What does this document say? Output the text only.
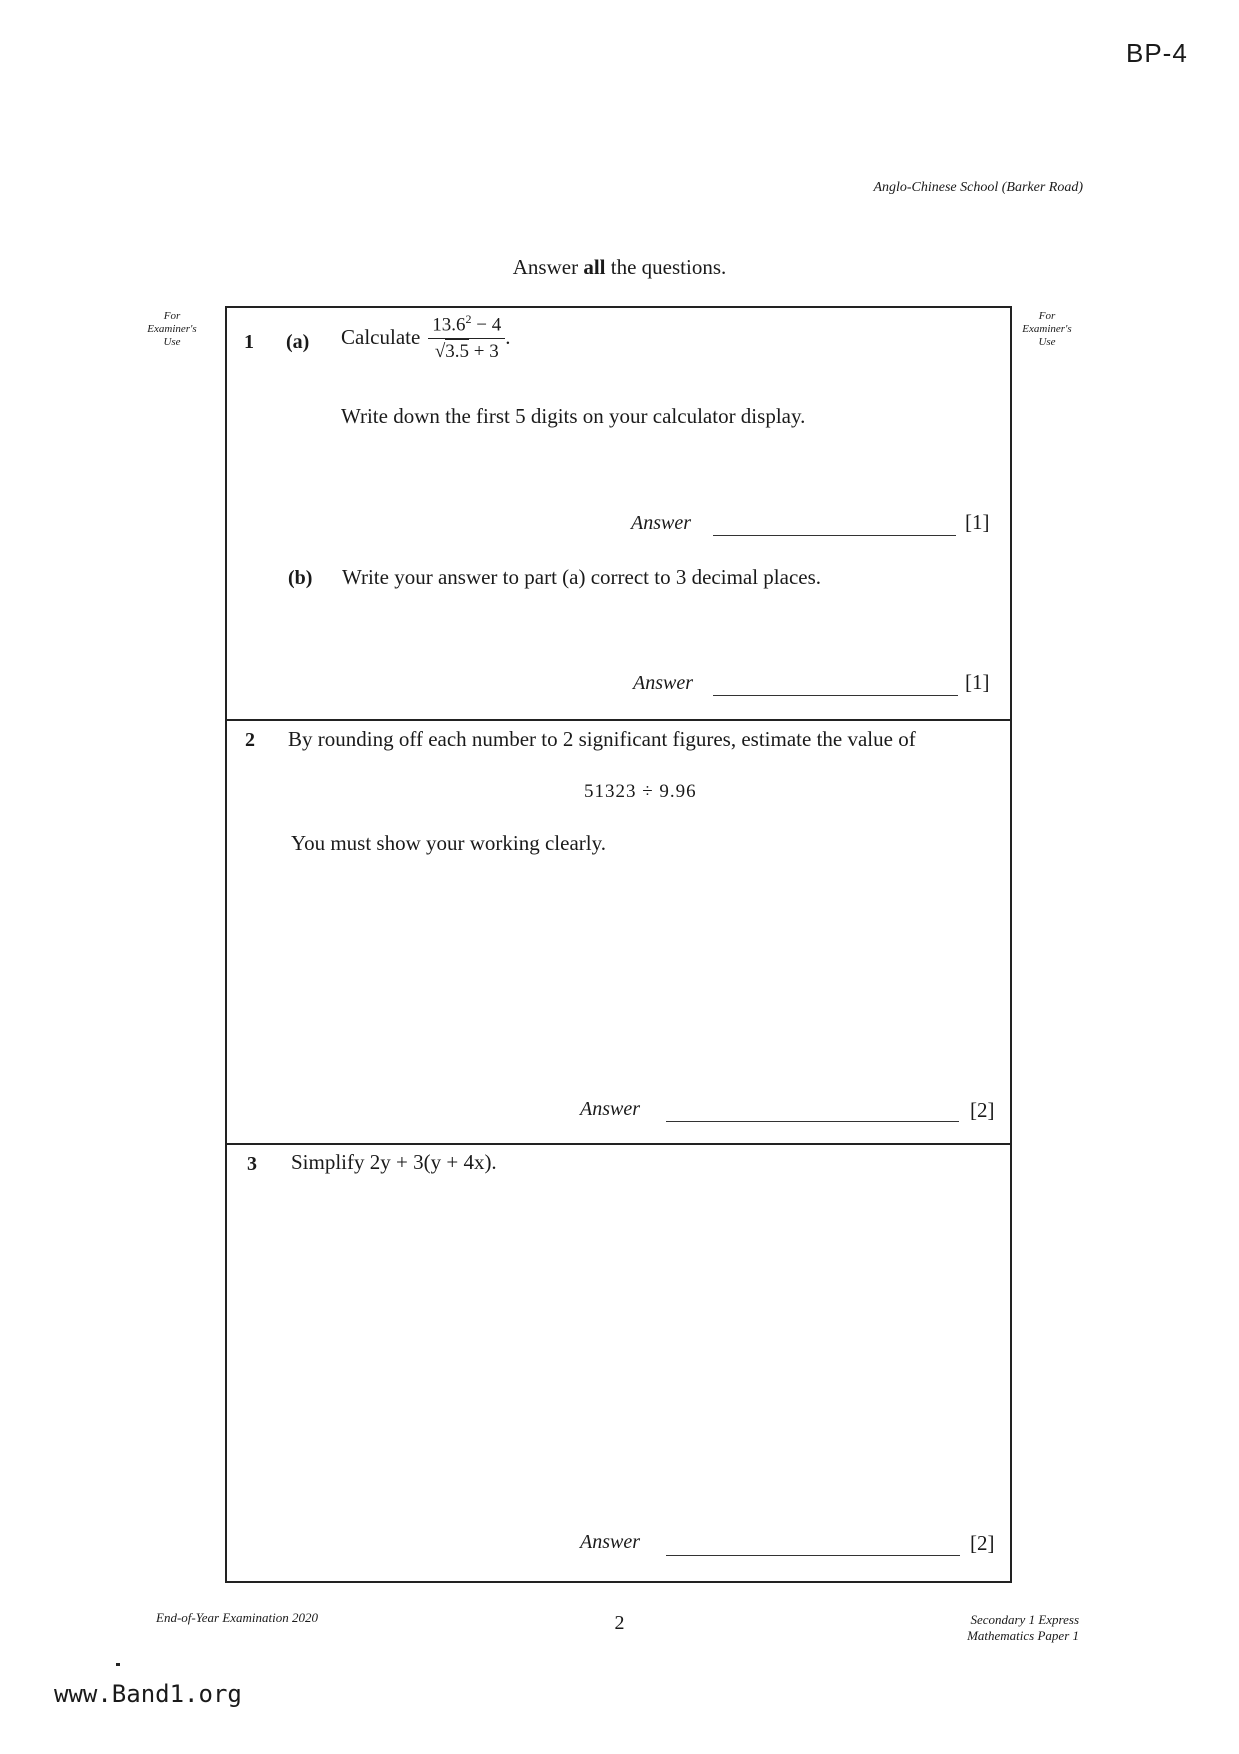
BP-4
Anglo-Chinese School (Barker Road)
Answer all the questions.
For
Examiner's
Use
For
Examiner's
Use
1 (a) Calculate $\frac{13.6^2 - 4}{√3.5 + 3}$ .
Write down the first 5 digits on your calculator display.
Answer	[1]
(b) Write your answer to part (a) correct to 3 decimal places.
Answer	[1]
2 By rounding off each number to 2 significant figures, estimate the value of
51323 ÷ 9.96
You must show your working clearly.
Answer	[2]
3 Simplify 2y + 3(y + 4x).
Answer	[2]
End-of-Year Examination 2020	2	Secondary 1 Express
Mathematics Paper 1
www.Band1.org
